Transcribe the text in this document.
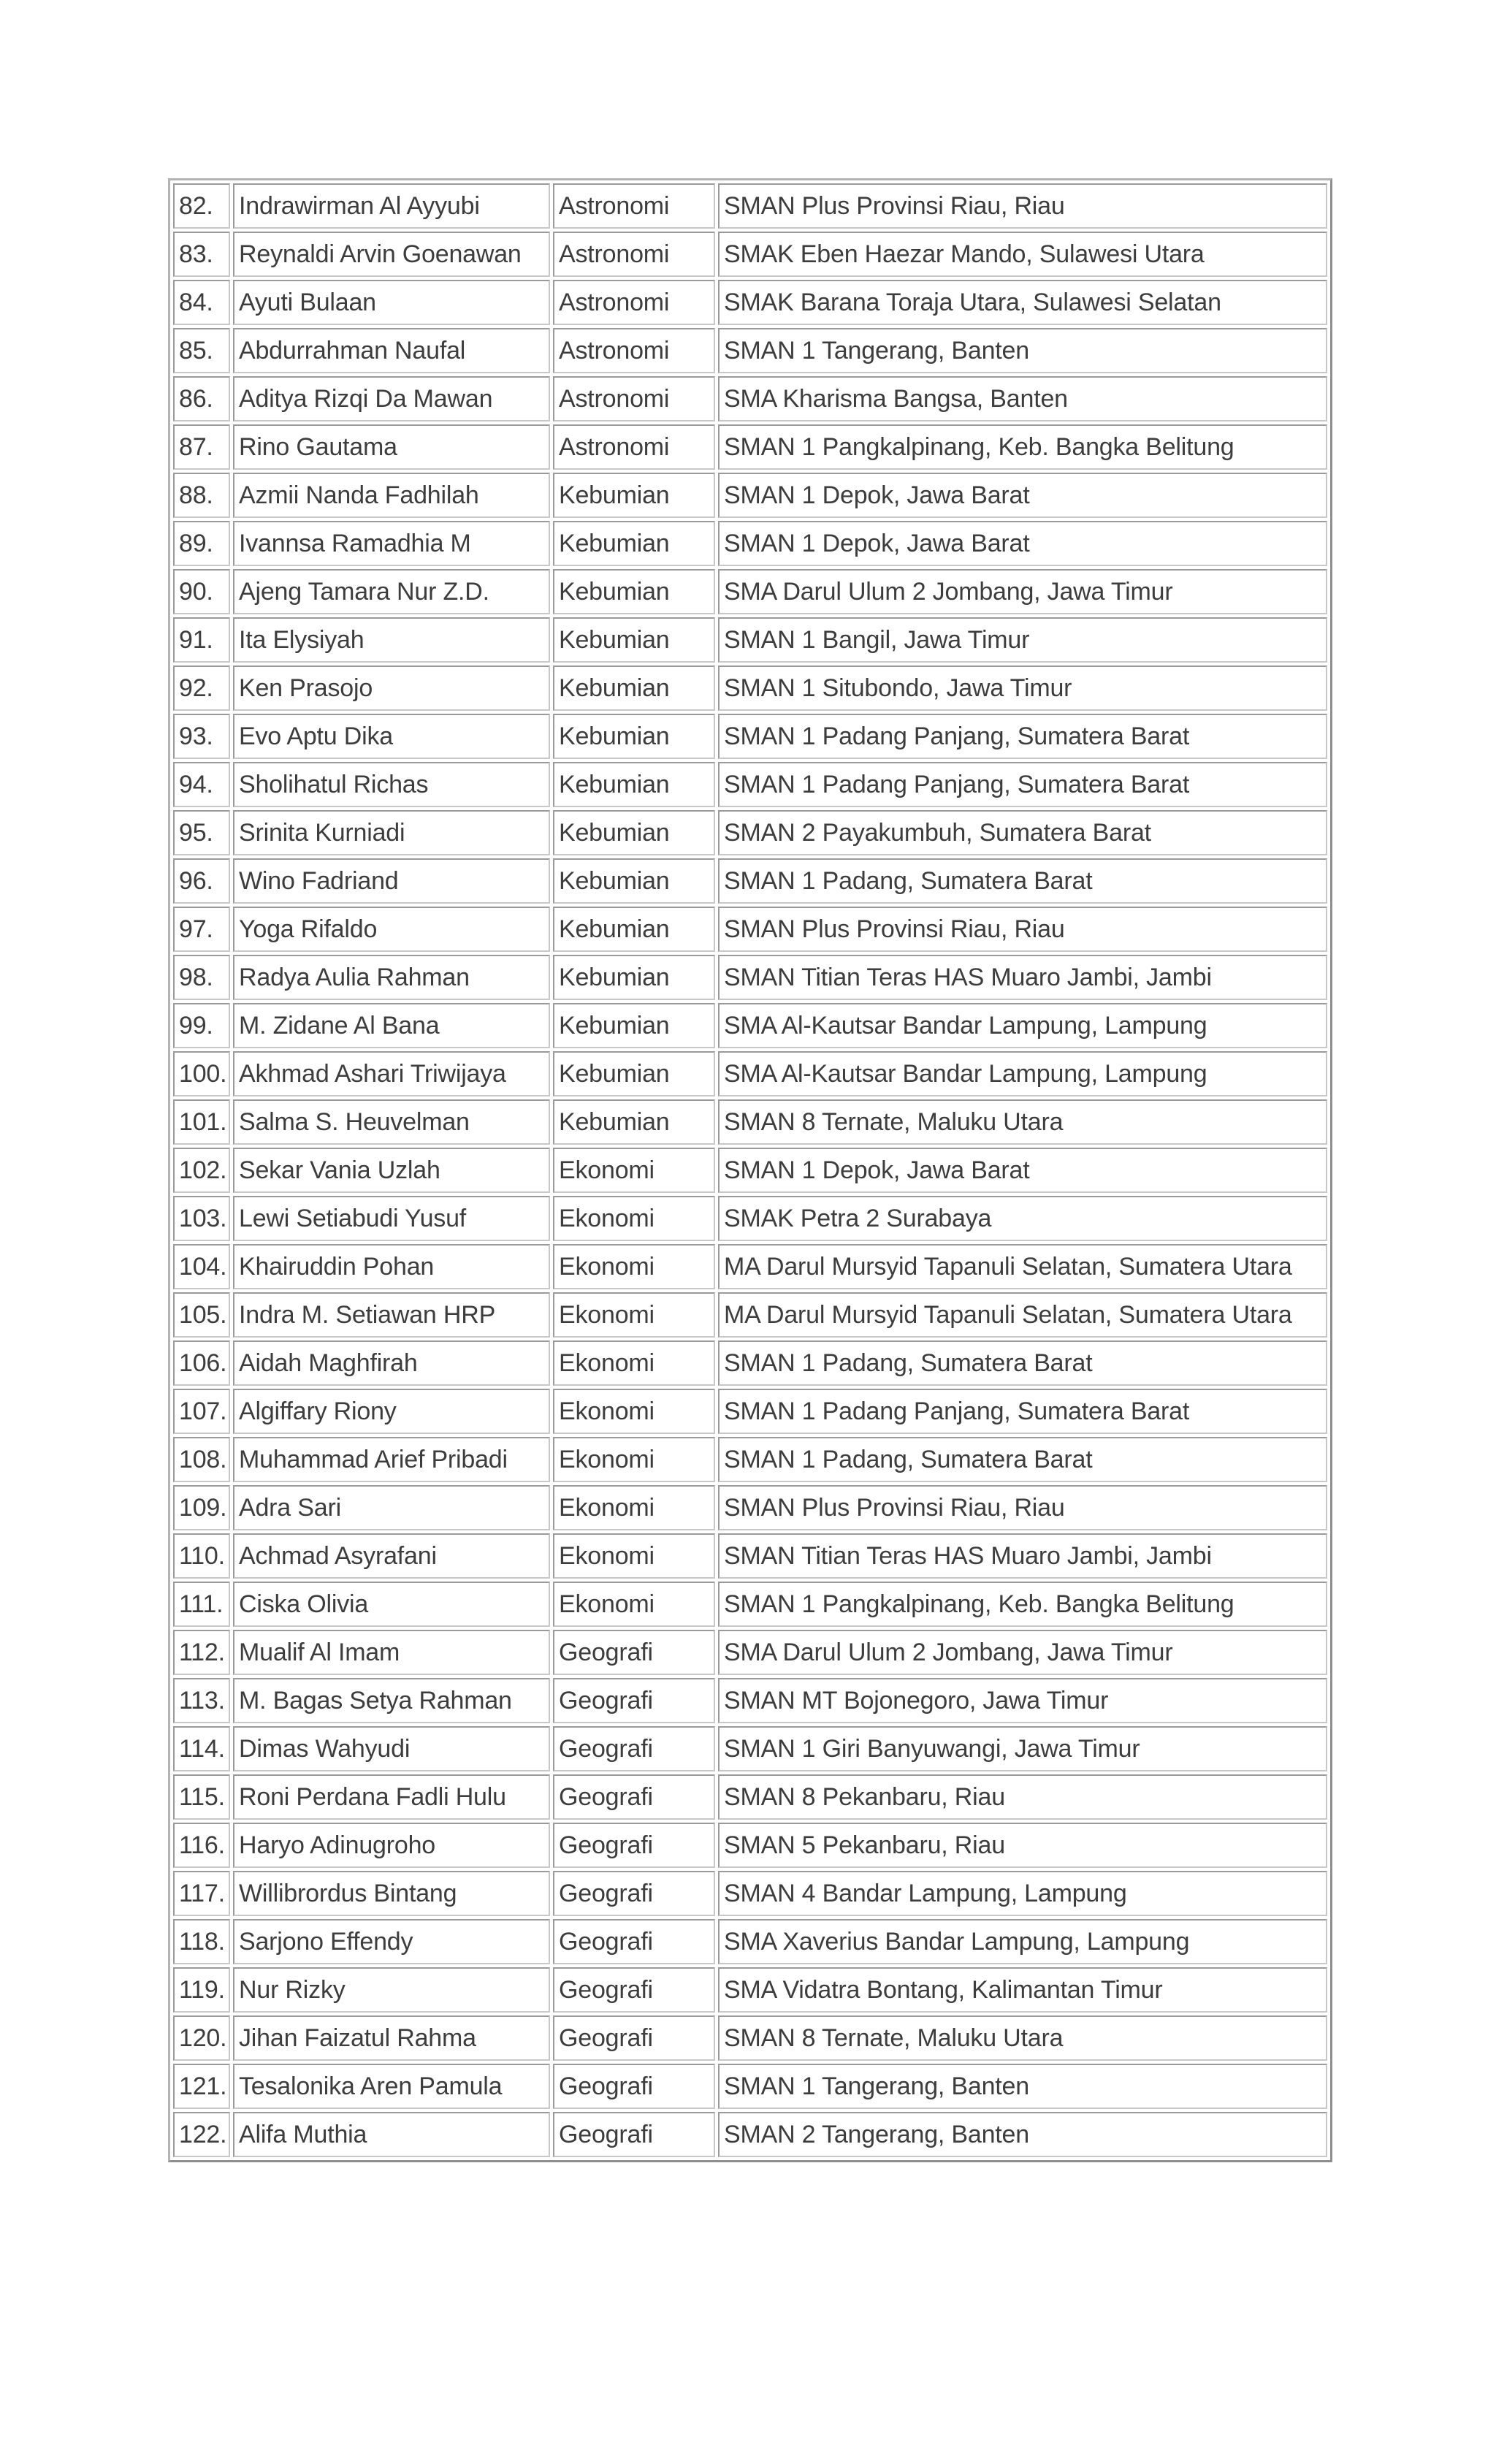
82.	Indrawirman Al Ayyubi	Astronomi	SMAN Plus Provinsi Riau, Riau
83.	Reynaldi Arvin Goenawan	Astronomi	SMAK Eben Haezar Mando, Sulawesi Utara
84.	Ayuti Bulaan	Astronomi	SMAK Barana Toraja Utara, Sulawesi Selatan
85.	Abdurrahman Naufal	Astronomi	SMAN 1 Tangerang, Banten
86.	Aditya Rizqi Da Mawan	Astronomi	SMA Kharisma Bangsa, Banten
87.	Rino Gautama	Astronomi	SMAN 1 Pangkalpinang, Keb. Bangka Belitung
88.	Azmii Nanda Fadhilah	Kebumian	SMAN 1 Depok, Jawa Barat
89.	Ivannsa Ramadhia M	Kebumian	SMAN 1 Depok, Jawa Barat
90.	Ajeng Tamara Nur Z.D.	Kebumian	SMA Darul Ulum 2 Jombang, Jawa Timur
91.	Ita Elysiyah	Kebumian	SMAN 1 Bangil, Jawa Timur
92.	Ken Prasojo	Kebumian	SMAN 1 Situbondo, Jawa Timur
93.	Evo Aptu Dika	Kebumian	SMAN 1 Padang Panjang, Sumatera Barat
94.	Sholihatul Richas	Kebumian	SMAN 1 Padang Panjang, Sumatera Barat
95.	Srinita Kurniadi	Kebumian	SMAN 2 Payakumbuh, Sumatera Barat
96.	Wino Fadriand	Kebumian	SMAN 1 Padang, Sumatera Barat
97.	Yoga Rifaldo	Kebumian	SMAN Plus Provinsi Riau, Riau
98.	Radya Aulia Rahman	Kebumian	SMAN Titian Teras HAS Muaro Jambi, Jambi
99.	M. Zidane Al Bana	Kebumian	SMA Al-Kautsar Bandar Lampung, Lampung
100.	Akhmad Ashari Triwijaya	Kebumian	SMA Al-Kautsar Bandar Lampung, Lampung
101.	Salma S. Heuvelman	Kebumian	SMAN 8 Ternate, Maluku Utara
102.	Sekar Vania Uzlah	Ekonomi	SMAN 1 Depok, Jawa Barat
103.	Lewi Setiabudi Yusuf	Ekonomi	SMAK Petra 2 Surabaya
104.	Khairuddin Pohan	Ekonomi	MA Darul Mursyid Tapanuli Selatan, Sumatera Utara
105.	Indra M. Setiawan HRP	Ekonomi	MA Darul Mursyid Tapanuli Selatan, Sumatera Utara
106.	Aidah Maghfirah	Ekonomi	SMAN 1 Padang, Sumatera Barat
107.	Algiffary Riony	Ekonomi	SMAN 1 Padang Panjang, Sumatera Barat
108.	Muhammad Arief Pribadi	Ekonomi	SMAN 1 Padang, Sumatera Barat
109.	Adra Sari	Ekonomi	SMAN Plus Provinsi Riau, Riau
110.	Achmad Asyrafani	Ekonomi	SMAN Titian Teras HAS Muaro Jambi, Jambi
111.	Ciska Olivia	Ekonomi	SMAN 1 Pangkalpinang, Keb. Bangka Belitung
112.	Mualif Al Imam	Geografi	SMA Darul Ulum 2 Jombang, Jawa Timur
113.	M. Bagas Setya Rahman	Geografi	SMAN MT Bojonegoro, Jawa Timur
114.	Dimas Wahyudi	Geografi	SMAN 1 Giri Banyuwangi, Jawa Timur
115.	Roni Perdana Fadli Hulu	Geografi	SMAN 8 Pekanbaru, Riau
116.	Haryo Adinugroho	Geografi	SMAN 5 Pekanbaru, Riau
117.	Willibrordus Bintang	Geografi	SMAN 4 Bandar Lampung, Lampung
118.	Sarjono Effendy	Geografi	SMA Xaverius Bandar Lampung, Lampung
119.	Nur Rizky	Geografi	SMA Vidatra Bontang, Kalimantan Timur
120.	Jihan Faizatul Rahma	Geografi	SMAN 8 Ternate, Maluku Utara
121.	Tesalonika Aren Pamula	Geografi	SMAN 1 Tangerang, Banten
122.	Alifa Muthia	Geografi	SMAN 2 Tangerang, Banten
